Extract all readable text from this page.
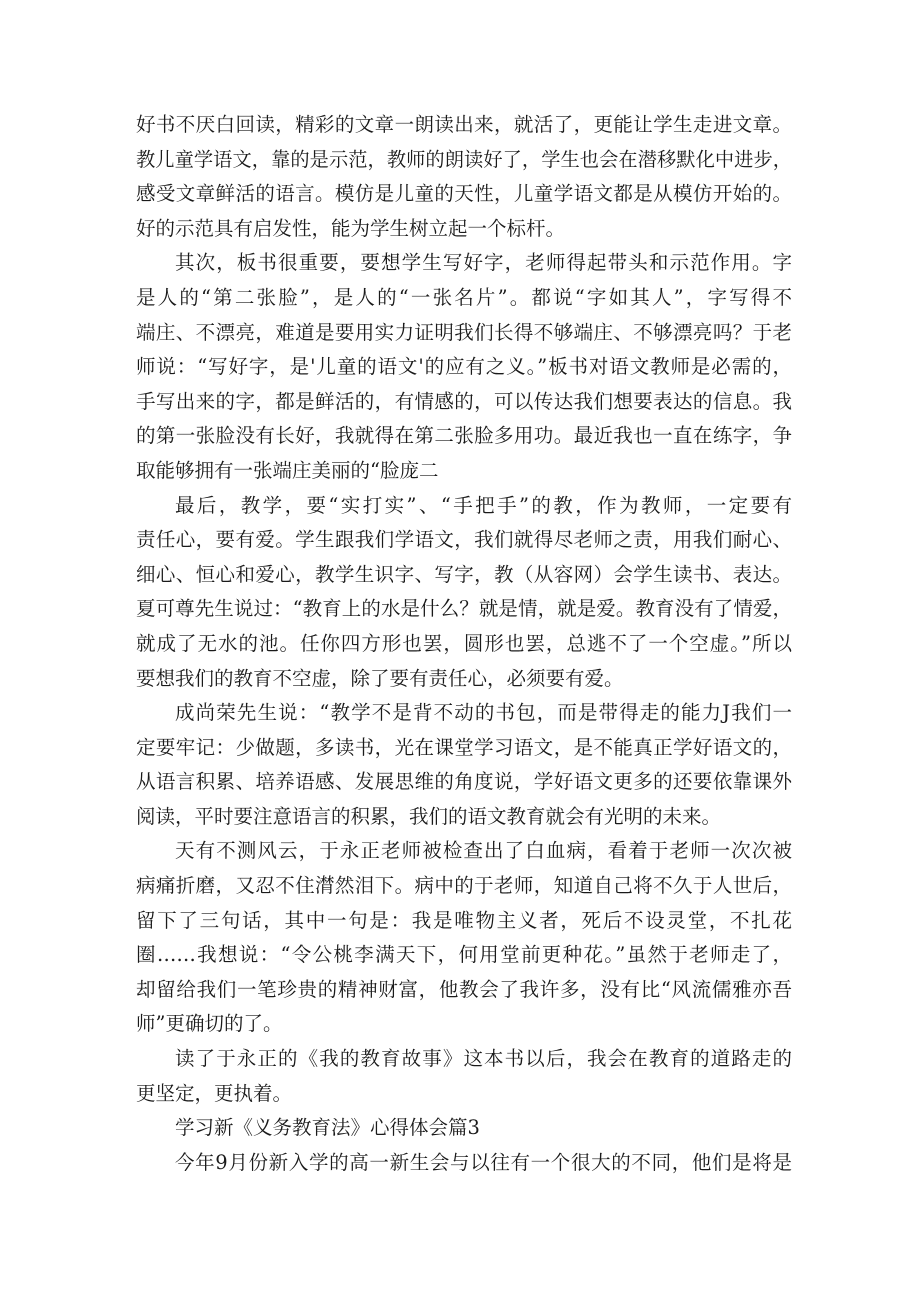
好书不厌白回读，精彩的文章一朗读出来，就活了，更能让学生走进文章。
教儿童学语文，靠的是示范，教师的朗读好了，学生也会在潜移默化中进步，
感受文章鲜活的语言。模仿是儿童的天性，儿童学语文都是从模仿开始的。
好的示范具有启发性，能为学生树立起一个标杆。
其次，板书很重要，要想学生写好字，老师得起带头和示范作用。字
是人的“第二张脸”，是人的“一张名片”。都说“字如其人”，字写得不
端庄、不漂亮，难道是要用实力证明我们长得不够端庄、不够漂亮吗？于老
师说：“写好字，是'儿童的语文'的应有之义。”板书对语文教师是必需的，
手写出来的字，都是鲜活的，有情感的，可以传达我们想要表达的信息。我
的第一张脸没有长好，我就得在第二张脸多用功。最近我也一直在练字，争
取能够拥有一张端庄美丽的“脸庞二
最后，教学，要“实打实”、“手把手”的教，作为教师，一定要有
责任心，要有爱。学生跟我们学语文，我们就得尽老师之责，用我们耐心、
细心、恒心和爱心，教学生识字、写字，教（从容网）会学生读书、表达。
夏可尊先生说过：“教育上的水是什么？就是情，就是爱。教育没有了情爱，
就成了无水的池。任你四方形也罢，圆形也罢，总逃不了一个空虚。”所以
要想我们的教育不空虚，除了要有责任心，必须要有爱。
成尚荣先生说：“教学不是背不动的书包，而是带得走的能力J我们一
定要牢记：少做题，多读书，光在课堂学习语文，是不能真正学好语文的，
从语言积累、培养语感、发展思维的角度说，学好语文更多的还要依靠课外
阅读，平时要注意语言的积累，我们的语文教育就会有光明的未来。
天有不测风云，于永正老师被检查出了白血病，看着于老师一次次被
病痛折磨，又忍不住潸然泪下。病中的于老师，知道自己将不久于人世后，
留下了三句话，其中一句是：我是唯物主义者，死后不设灵堂，不扎花
圈……我想说：“令公桃李满天下，何用堂前更种花。”虽然于老师走了，
却留给我们一笔珍贵的精神财富，他教会了我许多，没有比“风流儒雅亦吾
师”更确切的了。
读了于永正的《我的教育故事》这本书以后，我会在教育的道路走的
更坚定，更执着。
学习新《义务教育法》心得体会篇3
今年9月份新入学的高一新生会与以往有一个很大的不同，他们是将是
